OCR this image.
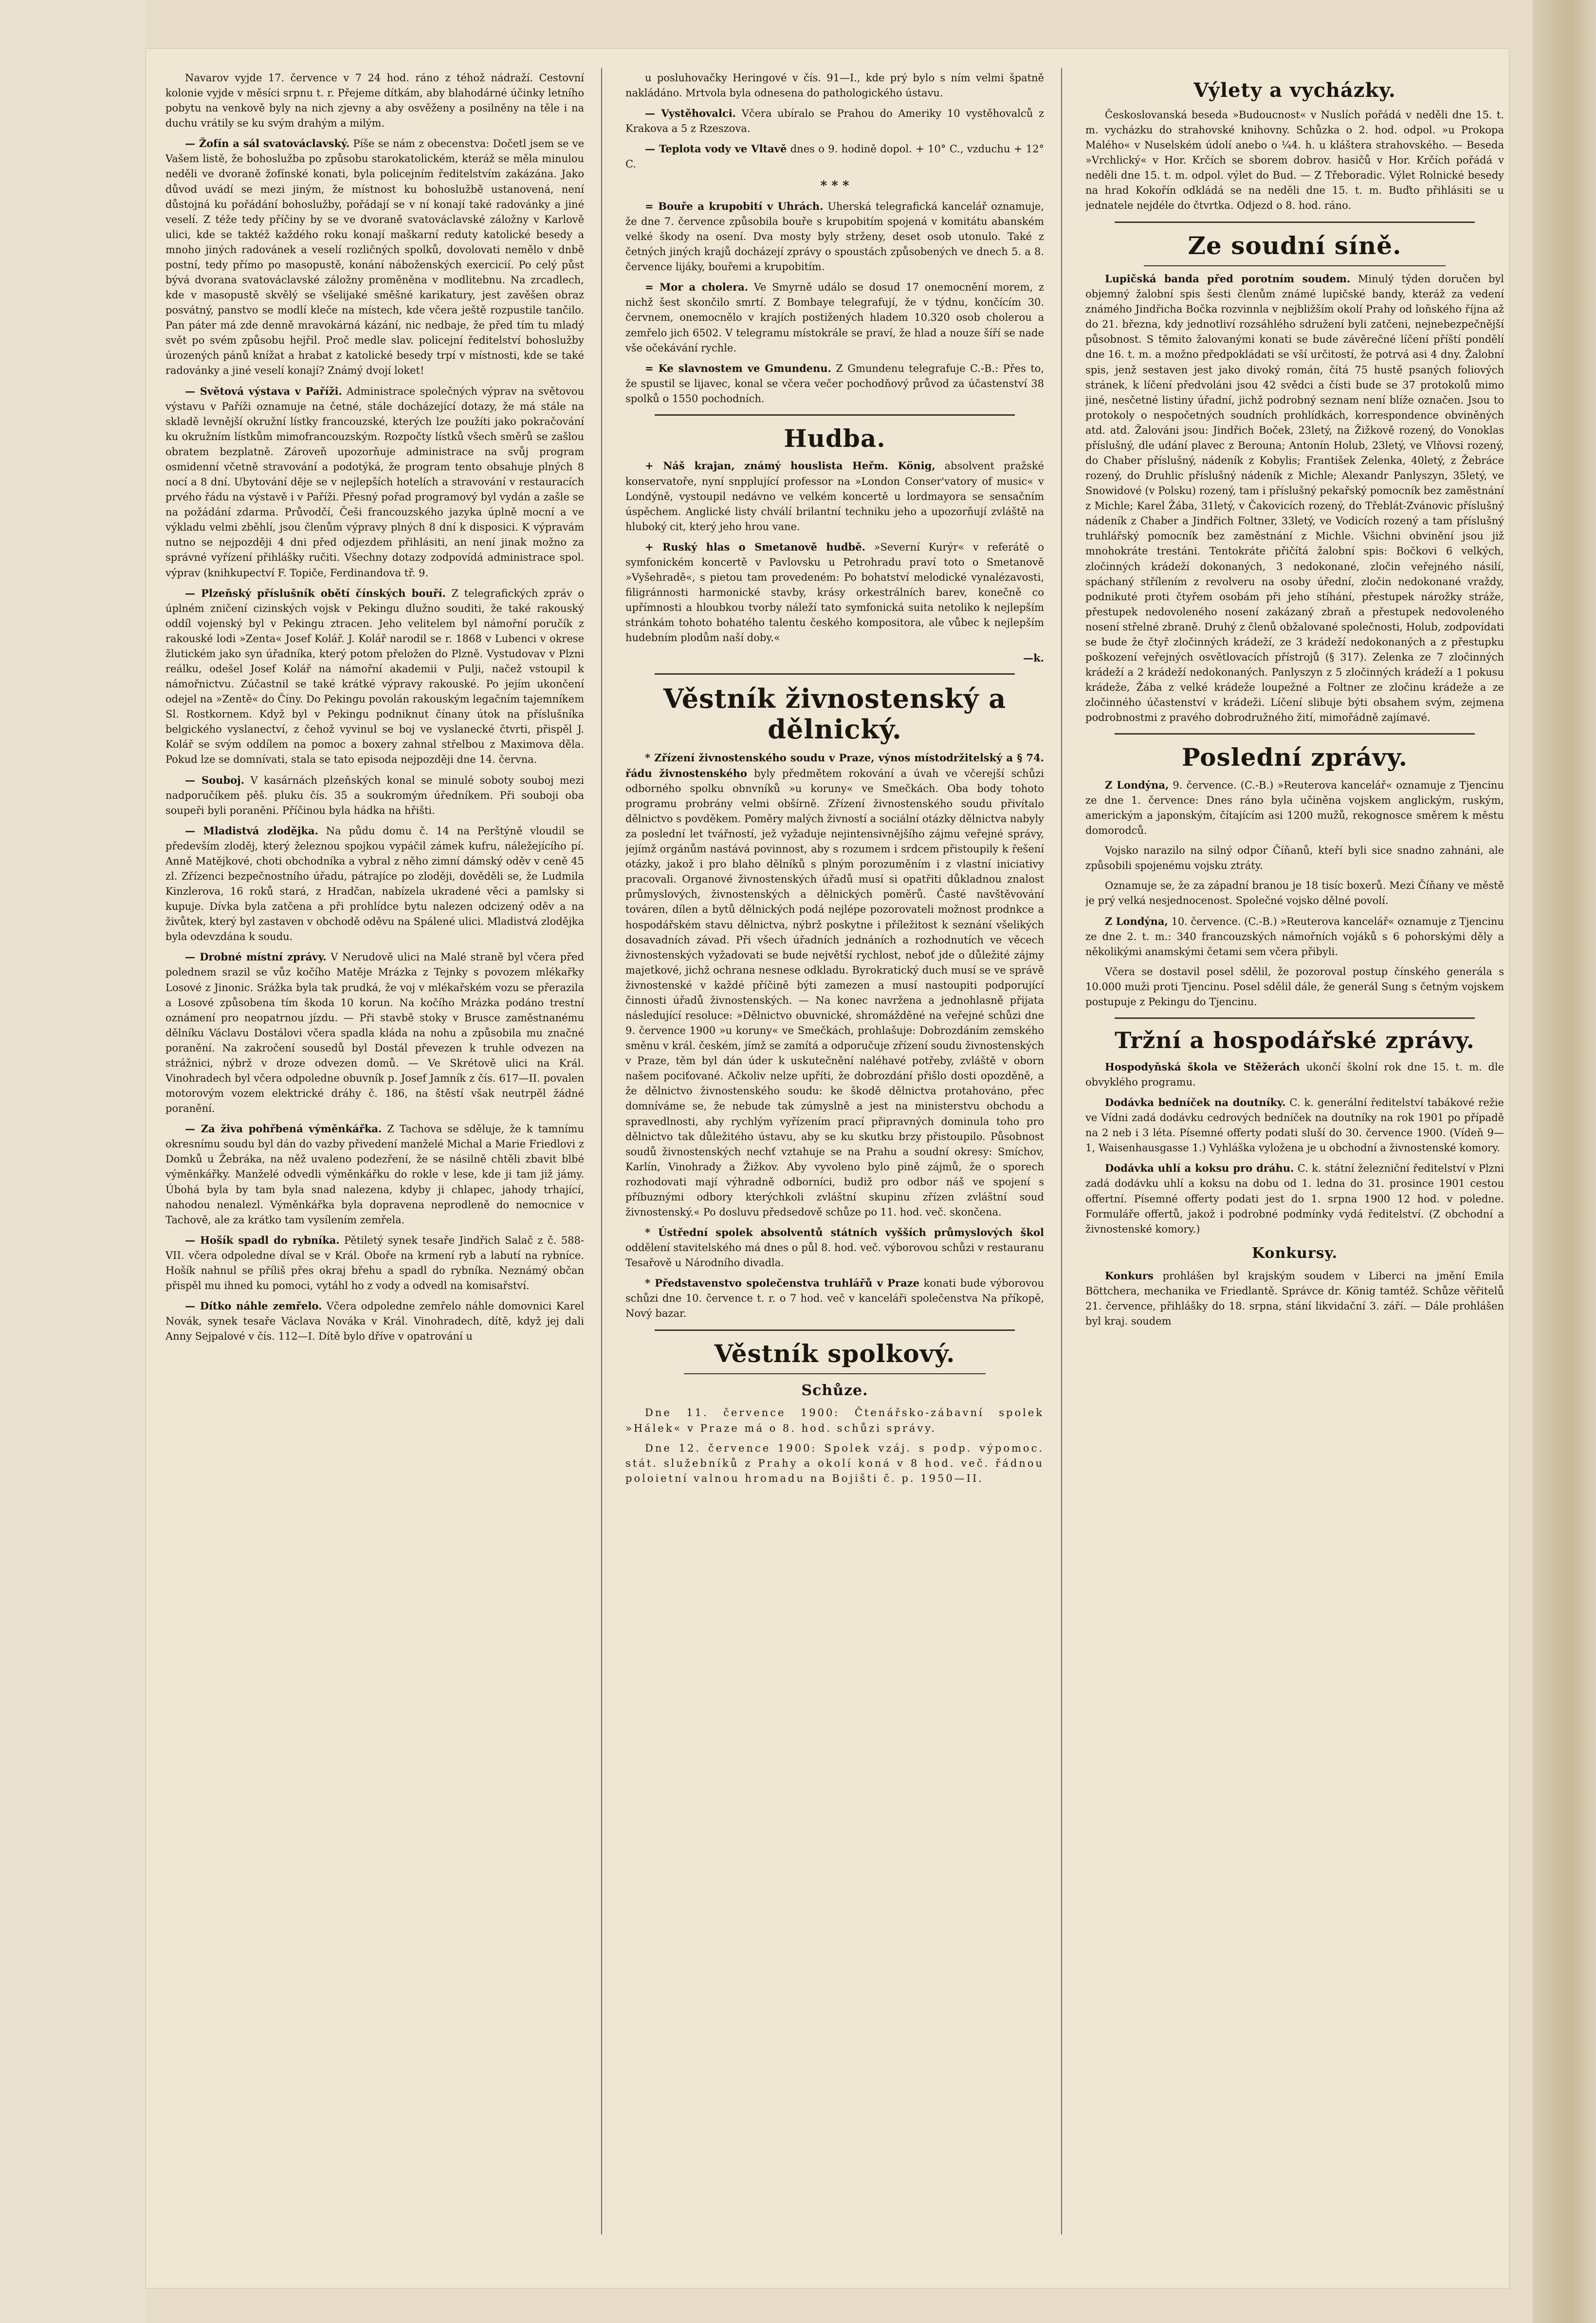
Navarov vyjde 17. července v 7 24 hod. ráno z téhož nádraží. Cestovní kolonie vyjde v měsíci srpnu t. r. Přejeme dítkám, aby blahodárné účinky letního pobytu na venkově byly na nich zjevny a aby osvěženy a posilněny na těle i na duchu vrátily se ku svým drahým a milým.

— Žofín a sál svatováclavský. Píše se nám z obecenstva: Dočetl jsem se ve Vašem listě, že bohoslužba po způsobu starokatolickém, kteráž se měla minulou neděli ve dvoraně žofínské konati, byla policejním ředitelstvím zakázána. Jako důvod uvádí se mezi jiným, že místnost ku bohoslužbě ustanovená, není důstojná ku pořádání bohoslužby, pořádají se v ní konají také radovánky a jiné veselí. Z téže tedy příčiny by se ve dvoraně svatováclavské záložny v Karlově ulici, kde se taktéž každého roku konají maškarní reduty katolické besedy a mnoho jiných radovánek a veselí rozličných spolků, dovolovati nemělo v dnbě postní, tedy přímo po masopustě, konání náboženských exercicií. Po celý půst bývá dvorana svatováclavské záložny proměněna v modlitebnu. Na zrcadlech, kde v masopustě skvělý se všelijaké směšné karikatury, jest zavěšen obraz posvátný, panstvo se modlí kleče na místech, kde včera ještě rozpustile tančilo. Pan páter má zde denně mravokárná kázání, nic nedbaje, že před tím tu mladý svět po svém způsobu hejřil. Proč medle slav. policejní ředitelství bohoslužby úrozených pánů knížat a hrabat z katolické besedy trpí v místnosti, kde se také radovánky a jiné veselí konají? Známý dvojí loket!

— Světová výstava v Paříži. Administrace společných výprav na světovou výstavu v Paříži oznamuje na četné, stále docházející dotazy, že má stále na skladě levnější okružní lístky francouzské, kterých lze použíti jako pokračování ku okružním lístkům mimofrancouzským. Rozpočty lístků všech směrů se zašlou obratem bezplatně. Zároveň upozorňuje administrace na svůj program osmidenní včetně stravování a podotýká, že program tento obsahuje plných 8 nocí a 8 dní. Ubytování děje se v nejlepších hotelích a stravování v restauracích prvého řádu na výstavě i v Paříži. Přesný pořad programový byl vydán a zašle se na požádání zdarma. Průvodčí, Češi francouzského jazyka úplně mocní a ve výkladu velmi zběhlí, jsou členům výpravy plných 8 dní k disposici. K výpravám nutno se nejpozději 4 dni před odjezdem přihlásiti, an není jinak možno za správné vyřízení přihlášky ručiti. Všechny dotazy zodpovídá administrace spol. výprav (knihkupectví F. Topiče, Ferdinandova tř. 9.

— Plzeňský příslušník obětí čínských bouří. Z telegrafických zpráv o úplném zničení cizinských vojsk v Pekingu dlužno souditi, že také rakouský oddíl vojenský byl v Pekingu ztracen. Jeho velitelem byl námořní poručík z rakouské lodi »Zenta« Josef Kolář. J. Kolář narodil se r. 1868 v Lubenci v okrese žlutickém jako syn úřadníka, který potom přeložen do Plzně. Vystudovav v Plzni reálku, odešel Josef Kolář na námořní akademii v Pulji, načež vstoupil k námořnictvu. Zúčastnil se také krátké výpravy rakouské. Po jejím ukončení odejel na »Zentě« do Číny. Do Pekingu povolán rakouským legačním tajemníkem Sl. Rostkornem. Když byl v Pekingu podniknut čínany útok na příslušníka belgického vyslanectví, z čehož vyvinul se boj ve vyslanecké čtvrti, přispěl J. Kolář se svým oddílem na pomoc a boxery zahnal střelbou z Maximova děla. Pokud lze se domnívati, stala se tato episoda nejpozději dne 14. června.

— Souboj. V kasárnách plzeňských konal se minulé soboty souboj mezi nadporučíkem pěš. pluku čís. 35 a soukromým úředníkem. Při souboji oba soupeři byli poraněni. Příčinou byla hádka na hřišti.

— Mladistvá zlodějka. Na půdu domu č. 14 na Perštýně vloudil se především zloděj, který železnou spojkou vypáčil zámek kufru, náležejícího pí. Anně Matějkové, choti obchodníka a vybral z něho zimní dámský oděv v ceně 45 zl. Zřízenci bezpečnostního úřadu, pátrajíce po zloději, dověděli se, že Ludmila Kinzlerova, 16 roků stará, z Hradčan, nabízela ukradené věci a pamlsky si kupuje. Dívka byla zatčena a při prohlídce bytu nalezen odcizený oděv a na živůtek, který byl zastaven v obchodě oděvu na Spálené ulici. Mladistvá zlodějka byla odevzdána k soudu.

— Drobné místní zprávy. V Nerudově ulici na Malé straně byl včera před polednem srazil se vůz kočího Matěje Mrázka z Tejnky s povozem mlékařky Losové z Jinonic. Srážka byla tak prudká, že voj v mlékařském vozu se přerazila a Losové způsobena tím škoda 10 korun. Na kočího Mrázka podáno trestní oznámení pro neopatrnou jízdu. — Při stavbě stoky v Brusce zaměstnanému dělníku Václavu Dostálovi včera spadla kláda na nohu a způsobila mu značné poranění. Na zakročení sousedů byl Dostál převezen k truhle odvezen na strážnici, nýbrž v droze odvezen domů. — Ve Skrétově ulici na Král. Vinohradech byl včera odpoledne obuvník p. Josef Jamník z čís. 617—II. povalen motorovým vozem elektrické dráhy č. 186, na štěstí však neutrpěl žádné poranění.

— Za živa pohřbená výměnkářka. Z Tachova se sděluje, že k tamnímu okresnímu soudu byl dán do vazby přivedení manželé Michal a Marie Friedlovi z Domků u Žebráka, na něž uvaleno podezření, že se násilně chtěli zbavit blbé výměnkářky. Manželé odvedli výměnkářku do rokle v lese, kde ji tam již jámy. Úbohá byla by tam byla snad nalezena, kdyby ji chlapec, jahody trhající, nahodou nenalezl. Výměnkářka byla dopravena neprodleně do nemocnice v Tachově, ale za krátko tam vysílením zemřela.

— Hošík spadl do rybníka. Pětiletý synek tesaře Jindřich Salač z č. 588- VII. včera odpoledne díval se v Král. Oboře na krmení ryb a labutí na rybníce. Hošík nahnul se příliš přes okraj břehu a spadl do rybníka. Neznámý občan přispěl mu ihned ku pomoci, vytáhl ho z vody a odvedl na komisařství.

— Dítko náhle zemřelo. Včera odpoledne zemřelo náhle domovnici Karel Novák, synek tesaře Václava Nováka v Král. Vinohradech, dítě, když jej dali Anny Sejpalové v čís. 112—I. Dítě bylo dříve v opatrování u

u posluhovačky Heringové v čís. 91—I., kde prý bylo s ním velmi špatně nakládáno. Mrtvola byla odnesena do pathologického ústavu.

— Vystěhovalci. Včera ubíralo se Prahou do Ameriky 10 vystěhovalců z Krakova a 5 z Rzeszova.

— Teplota vody ve Vltavě dnes o 9. hodině dopol. + 10° C., vzduchu + 12° C.

* * *

= Bouře a krupobití v Uhrách. Uherská telegrafická kancelář oznamuje, že dne 7. července způsobila bouře s krupobitím spojená v komitátu abanském velké škody na osení. Dva mosty byly strženy, deset osob utonulo. Také z četných jiných krajů docházejí zprávy o spoustách způsobených ve dnech 5. a 8. července lijáky, bouřemi a krupobitím.

= Mor a cholera. Ve Smyrně událo se dosud 17 onemocnění morem, z nichž šest skončilo smrtí. Z Bombaye telegrafují, že v týdnu, končícím 30. červnem, onemocnělo v krajích postižených hladem 10.320 osob cholerou a zemřelo jich 6502. V telegramu místokrále se praví, že hlad a nouze šíří se nade vše očekávání rychle.

= Ke slavnostem ve Gmundenu. Z Gmundenu telegrafuje C.-B.: Přes to, že spustil se lijavec, konal se včera večer pochodňový průvod za účastenství 38 spolků o 1550 pochodních.

Hudba.

+ Náš krajan, známý houslista Heřm. König, absolvent pražské konservatoře, nyní snpplující professor na »London Conser'vatory of music« v Londýně, vystoupil nedávno ve velkém koncertě u lordmayora se sensačním úspěchem. Anglické listy chválí brilantní techniku jeho a upozorňují zvláště na hluboký cit, který jeho hrou vane.

+ Ruský hlas o Smetanově hudbě. »Severní Kurýr« v referátě o symfonickém koncertě v Pavlovsku u Petrohradu praví toto o Smetanově »Vyšehradě«, s pietou tam provedeném: Po bohatství melodické vynalézavosti, filigránnosti harmonické stavby, krásy orkestrálních barev, konečně co upřímnosti a hloubkou tvorby náleží tato symfonická suita netoliko k nejlepším stránkám tohoto bohatého talentu českého kompositora, ale vůbec k nejlepším hudebním plodům naší doby.«

—k.
Věstník živnostenský a dělnický.

* Zřízení živnostenského soudu v Praze, výnos místodržitelský a § 74. řádu živnostenského byly předmětem rokování a úvah ve včerejší schůzi odborného spolku obnvníků »u koruny« ve Smečkách. Oba body tohoto programu probrány velmi obšírně. Zřízení živnostenského soudu přivítalo dělnictvo s povděkem. Poměry malých živností a sociální otázky dělnictva nabyly za poslední let tvářností, jež vyžaduje nejintensivnějšího zájmu veřejné správy, jejímž orgánům nastává povinnost, aby s rozumem i srdcem přistoupily k řešení otázky, jakož i pro blaho dělníků s plným porozuměním i z vlastní iniciativy pracovali. Organové živnostenských úřadů musí si opatřiti důkladnou znalost průmyslových, živnostenských a dělnických poměrů. Časté navštěvování továren, dílen a bytů dělnických podá nejlépe pozorovateli možnost prodnkce a hospodářském stavu dělnictva, nýbrž poskytne i příležitost k seznání všelikých dosavadních závad. Při všech úřadních jednáních a rozhodnutích ve věcech živnostenských vyžadovati se bude největší rychlost, neboť jde o důležité zájmy majetkové, jichž ochrana nesnese odkladu. Byrokratický duch musí se ve správě živnostenské v každé příčině býti zamezen a musí nastoupiti podporující činnosti úřadů živnostenských. — Na konec navržena a jednohlasně přijata následující resoluce: »Dělnictvo obuvnické, shromážděné na veřejné schůzi dne 9. července 1900 »u koruny« ve Smečkách, prohlašuje: Dobrozdáním zemského směnu v král. českém, jímž se zamítá a odporučuje zřízení soudu živnostenských v Praze, těm byl dán úder k uskutečnění naléhavé potřeby, zvláště v oborn našem pociťované. Ačkoliv nelze upříti, že dobrozdání přišlo dosti opozděně, a že dělnictvo živnostenského soudu: ke škodě dělnictva protahováno, přec domníváme se, že nebude tak zúmyslně a jest na ministerstvu obchodu a spravedlnosti, aby rychlým vyřízením prací připravných dominula toho pro dělnictvo tak důležitého ústavu, aby se ku skutku brzy přistoupilo. Působnost soudů živnostenských nechť vztahuje se na Prahu a soudní okresy: Smíchov, Karlín, Vinohrady a Žižkov. Aby vyvoleno bylo pině zájmů, že o sporech rozhodovati mají výhradně odborníci, budiž pro odbor náš ve spojení s příbuznými odbory kterýchkoli zvláštní skupinu zřízen zvláštní soud živnostenský.« Po dosluvu předsedově schůze po 11. hod. več. skončena.

* Ústřední spolek absolventů státních vyšších průmyslových škol oddělení stavitelského má dnes o půl 8. hod. več. výborovou schůzi v restauranu Tesařově u Národního divadla.

* Představenstvo společenstva truhlářů v Praze konati bude výborovou schůzi dne 10. července t. r. o 7 hod. več v kanceláři společenstva Na příkopě, Nový bazar.

Věstník spolkový.
Schůze.

Dne 11. července 1900: Čtenářsko-zábavní spolek »Hálek« v Praze má o 8. hod. schůzi správy.

Dne 12. července 1900: Spolek vzáj. s podp. výpomoc. stát. služebníků z Prahy a okolí koná v 8 hod. več. řádnou poloietní valnou hromadu na Bojišti č. p. 1950—II.

Výlety a vycházky.

Českoslovanská beseda »Budoucnost« v Nuslích pořádá v neděli dne 15. t. m. vycházku do strahovské knihovny. Schůzka o 2. hod. odpol. »u Prokopa Malého« v Nuselském údolí anebo o ¼4. h. u kláštera strahovského. — Beseda »Vrchlický« v Hor. Krčích se sborem dobrov. hasičů v Hor. Krčích pořádá v neděli dne 15. t. m. odpol. výlet do Bud. — Z Třeboradic. Výlet Rolnické besedy na hrad Kokořín odkládá se na neděli dne 15. t. m. Buďto přihlásiti se u jednatele nejdéle do čtvrtka. Odjezd o 8. hod. ráno.

Ze soudní síně.

Lupičská banda před porotním soudem. Minulý týden doručen byl objemný žalobní spis šesti členům známé lupičské bandy, kteráž za vedení známého Jindřicha Bočka rozvinnla v nejbližším okolí Prahy od loňského října až do 21. března, kdy jednotliví rozsáhlého sdružení byli zatčeni, nejnebezpečnější působnost. S těmito žalovanými konati se bude závěrečné líčení příští pondělí dne 16. t. m. a možno předpokládati se vší určitostí, že potrvá asi 4 dny. Žalobní spis, jenž sestaven jest jako divoký román, čítá 75 hustě psaných foliových stránek, k líčení předvoláni jsou 42 svědci a čísti bude se 37 protokolů mimo jiné, nesčetné listiny úřadní, jichž podrobný seznam není blíže označen. Jsou to protokoly o nespočetných soudních prohlídkách, korrespondence obviněných atd. atd. Žalováni jsou: Jindřich Boček, 23letý, na Žižkově rozený, do Vonoklas příslušný, dle udání plavec z Berouna; Antonín Holub, 23letý, ve Vlňovsi rozený, do Chaber příslušný, nádeník z Kobylis; František Zelenka, 40letý, z Žebráce rozený, do Druhlic příslušný nádeník z Michle; Alexandr Panlyszyn, 35letý, ve Snowidové (v Polsku) rozený, tam i příslušný pekařský pomocník bez zaměstnání z Michle; Karel Žába, 31letý, v Čakovicích rozený, do Třeblát-Zvánovic příslušný nádeník z Chaber a Jindřich Foltner, 33letý, ve Vodicích rozený a tam příslušný truhlářský pomocník bez zaměstnání z Michle. Všichni obvinění jsou již mnohokráte trestáni. Tentokráte přičítá žalobní spis: Bočkovi 6 velkých, zločinných krádeží dokonaných, 3 nedokonané, zločin veřejného násilí, spáchaný střílením z revolveru na osoby úřední, zločin nedokonané vraždy, podnikuté proti čtyřem osobám při jeho stíhání, přestupek nárožky stráže, přestupek nedovoleného nosení zakázaný zbraň a přestupek nedovoleného nosení střelné zbraně. Druhý z členů obžalované společnosti, Holub, zodpovídati se bude že čtyř zločinných krádeží, ze 3 krádeží nedokonaných a z přestupku poškození veřejných osvětlovacích přístrojů (§ 317). Zelenka ze 7 zločinných krádeží a 2 krádeží nedokonaných. Panlyszyn z 5 zločinných krádeží a 1 pokusu krádeže, Žába z velké krádeže loupežné a Foltner ze zločinu krádeže a ze zločinného účastenství v krádeži. Líčení slibuje býti obsahem svým, zejmena podrobnostmi z pravého dobrodružného žití, mimořádně zajímavé.

Poslední zprávy.

Z Londýna, 9. července. (C.-B.) »Reuterova kancelář« oznamuje z Tjencinu ze dne 1. července: Dnes ráno byla učiněna vojskem anglickým, ruským, americkým a japonským, čítajícím asi 1200 mužů, rekognosce směrem k městu domorodců.

Vojsko narazilo na silný odpor Číňanů, kteří byli sice snadno zahnáni, ale způsobili spojenému vojsku ztráty.

Oznamuje se, že za západní branou je 18 tisíc boxerů. Mezi Číňany ve městě je prý velká nesjednocenost. Společné vojsko dělné povolí.

Z Londýna, 10. července. (C.-B.) »Reuterova kancelář« oznamuje z Tjencinu ze dne 2. t. m.: 340 francouzských námořních vojáků s 6 pohorskými děly a několikými anamskými četami sem včera přibyli.

Včera se dostavil posel sdělil, že pozoroval postup čínského generála s 10.000 muži proti Tjencinu. Posel sdělil dále, že generál Sung s četným vojskem postupuje z Pekingu do Tjencinu.

Tržní a hospodářské zprávy.

Hospodyňská škola ve Stěžerách ukončí školní rok dne 15. t. m. dle obvyklého programu.

Dodávka bedníček na doutníky. C. k. generální ředitelství tabákové režie ve Vídni zadá dodávku cedrových bedníček na doutníky na rok 1901 po případě na 2 neb i 3 léta. Písemné offerty podati sluší do 30. července 1900. (Vídeň 9—1, Waisenhausgasse 1.) Vyhláška vyložena je u obchodní a živnostenské komory.

Dodávka uhlí a koksu pro dráhu. C. k. státní železniční ředitelství v Plzni zadá dodávku uhlí a koksu na dobu od 1. ledna do 31. prosince 1901 cestou offertní. Písemné offerty podati jest do 1. srpna 1900 12 hod. v poledne. Formuláře offertů, jakož i podrobné podmínky vydá ředitelství. (Z obchodní a živnostenské komory.)

Konkursy.

Konkurs prohlášen byl krajským soudem v Liberci na jmění Emila Böttchera, mechanika ve Friedlantě. Správce dr. König tamtéž. Schůze věřitelů 21. července, přihlášky do 18. srpna, stání likvidační 3. září. — Dále prohlášen byl kraj. soudem
